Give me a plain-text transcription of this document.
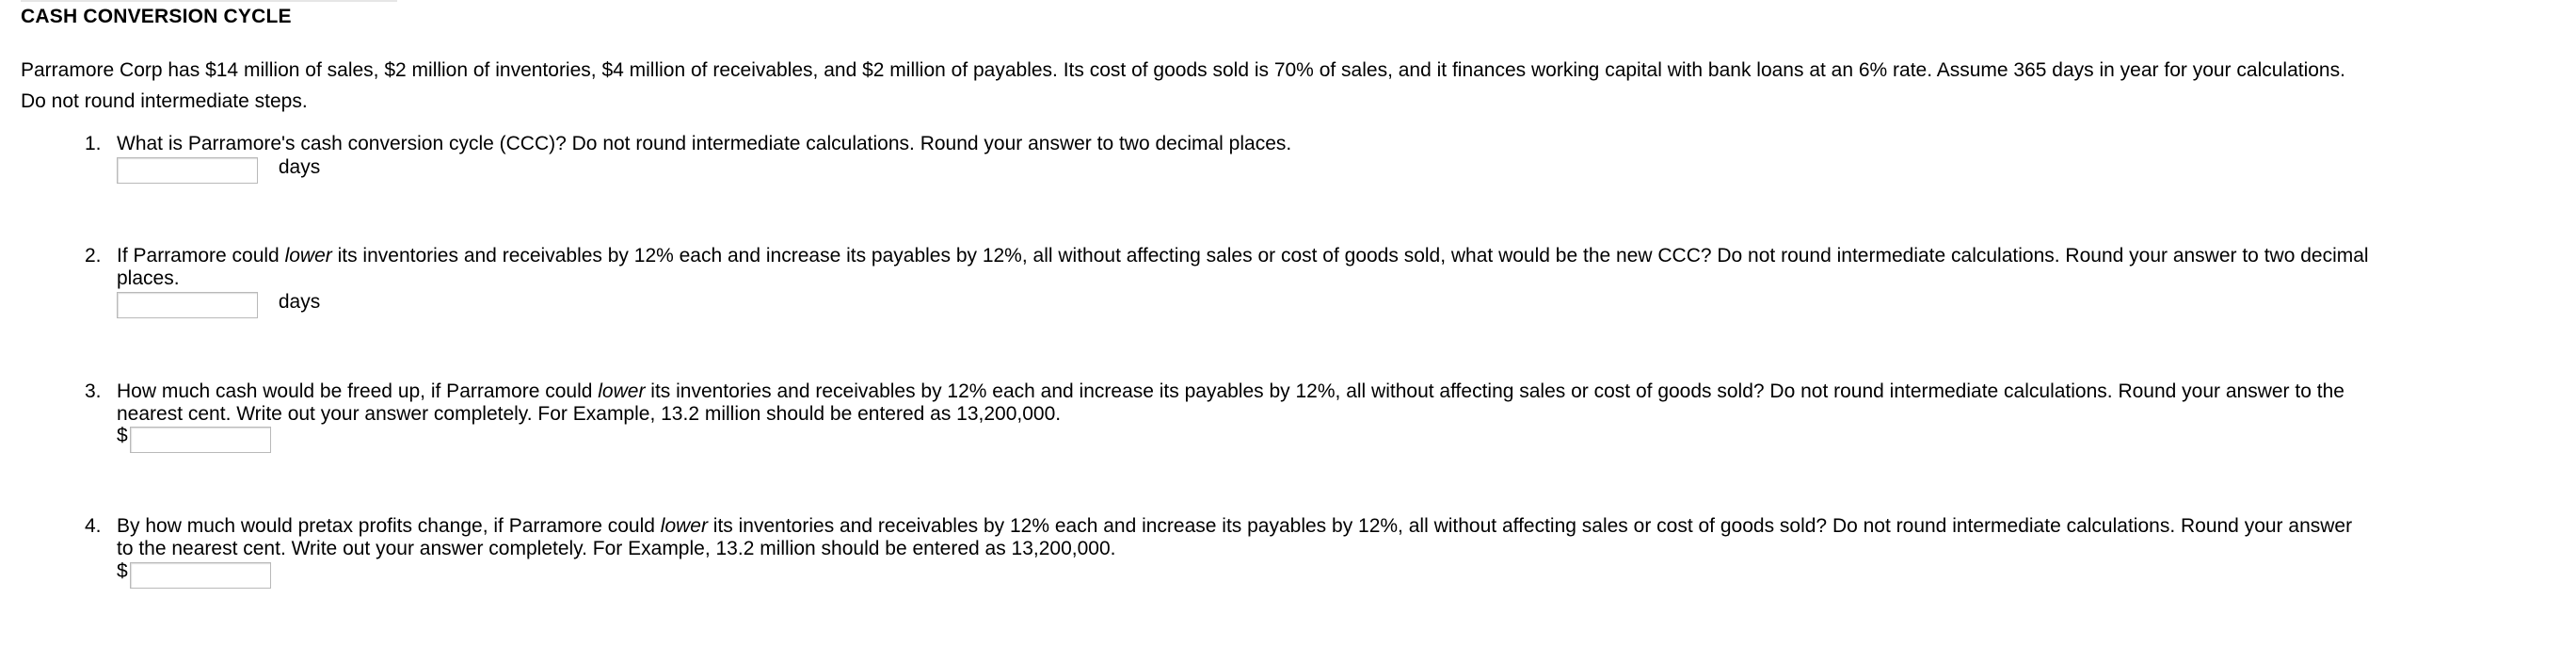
CASH CONVERSION CYCLE
Parramore Corp has $14 million of sales, $2 million of inventories, $4 million of receivables, and $2 million of payables. Its cost of goods sold is 70% of sales, and it finances working capital with bank loans at an 6% rate. Assume 365 days in year for your calculations.
Do not round intermediate steps.
1. What is Parramore's cash conversion cycle (CCC)? Do not round intermediate calculations. Round your answer to two decimal places.
days
2. If Parramore could lower its inventories and receivables by 12% each and increase its payables by 12%, all without affecting sales or cost of goods sold, what would be the new CCC? Do not round intermediate calculations. Round your answer to two decimal
places.
days
3. How much cash would be freed up, if Parramore could lower its inventories and receivables by 12% each and increase its payables by 12%, all without affecting sales or cost of goods sold? Do not round intermediate calculations. Round your answer to the
nearest cent. Write out your answer completely. For Example, 13.2 million should be entered as 13,200,000.
$
4. By how much would pretax profits change, if Parramore could lower its inventories and receivables by 12% each and increase its payables by 12%, all without affecting sales or cost of goods sold? Do not round intermediate calculations. Round your answer
to the nearest cent. Write out your answer completely. For Example, 13.2 million should be entered as 13,200,000.
$
